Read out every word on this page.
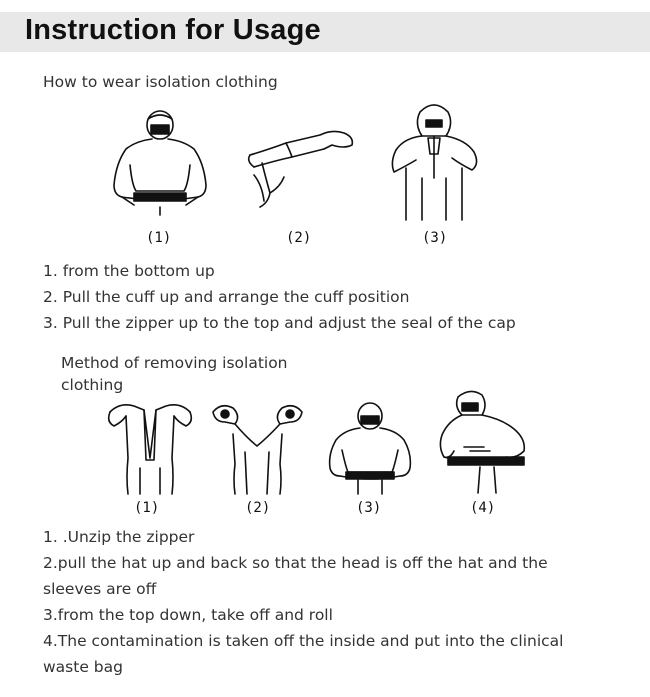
Instruction for Usage
How to wear isolation clothing
(1)	(2)	(3)
1. from the bottom up
2. Pull the cuff up and arrange the cuff position
3. Pull the zipper up to the top and adjust the seal of the cap
Method of removing isolation
clothing
(1)	(2)	(3)	(4)
1. .Unzip the zipper
2.pull the hat up and back so that the head is off the hat and the
sleeves are off
3.from the top down, take off and roll
4.The contamination is taken off the inside and put into the clinical
waste bag
